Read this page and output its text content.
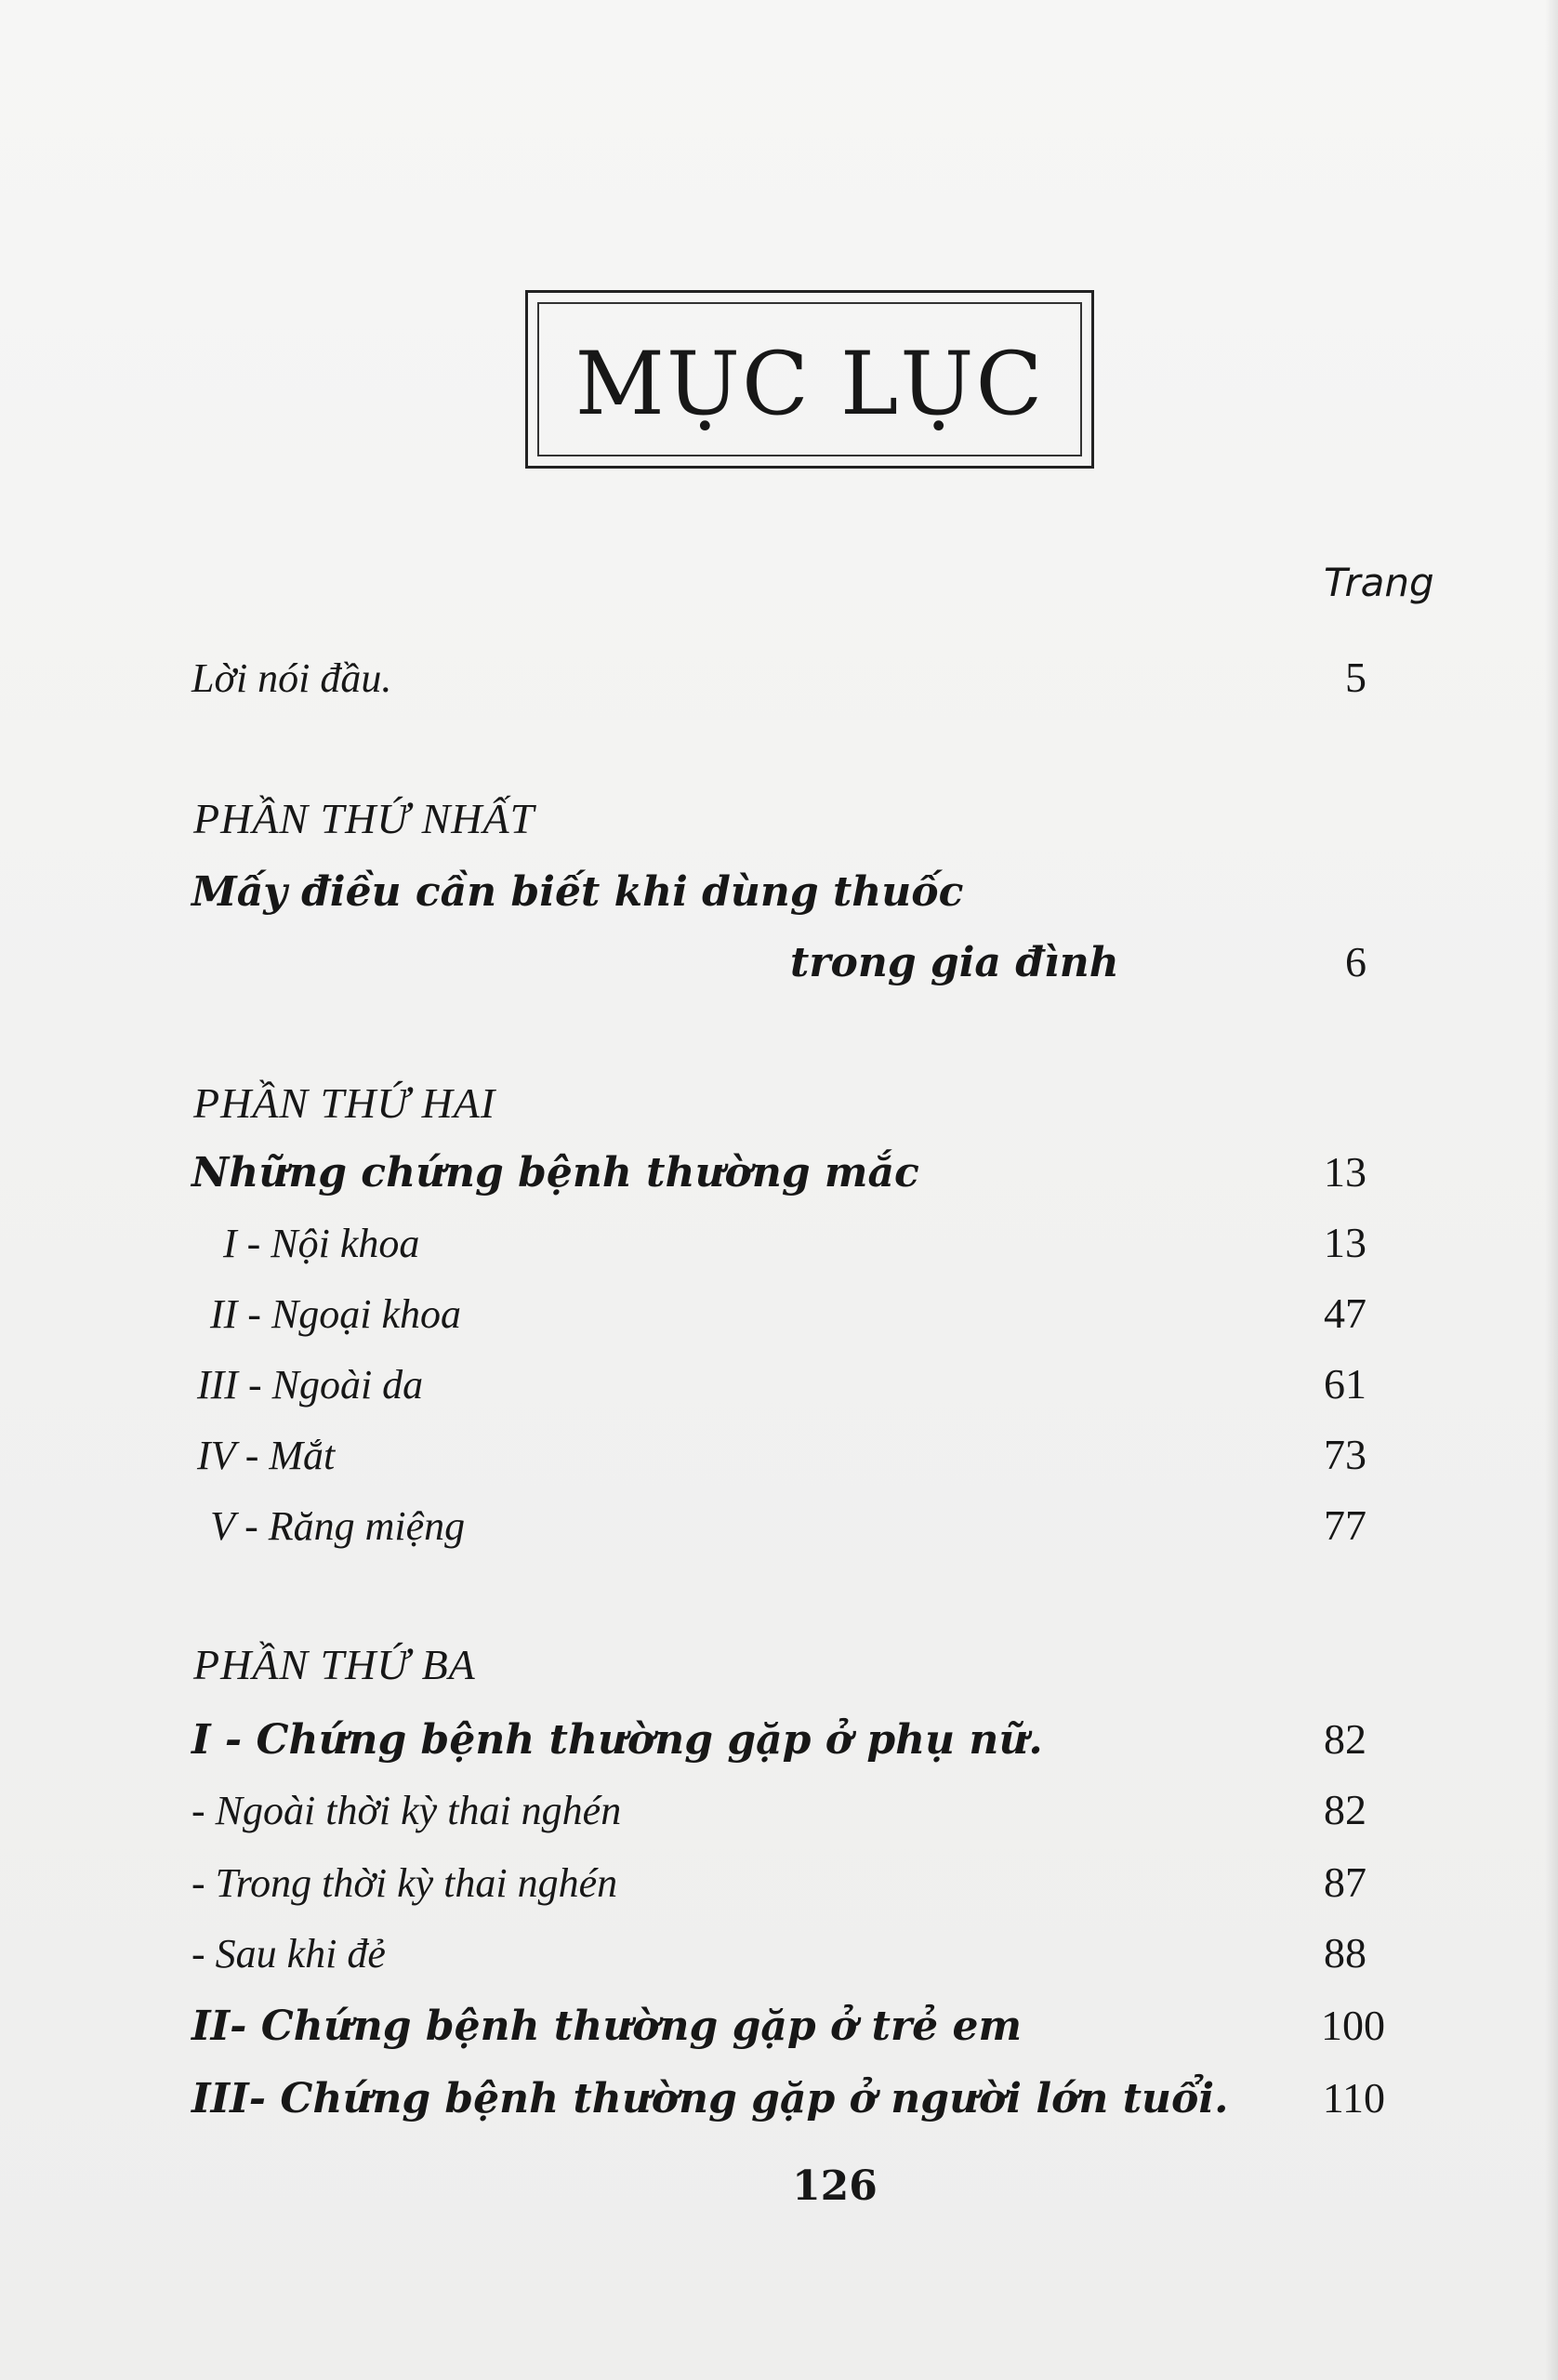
MỤC LỤC
Trang
Lời nói đầu.	5
PHẦN THỨ NHẤT
Mấy điều cần biết khi dùng thuốc
trong gia đình	6
PHẦN THỨ HAI
Những chứng bệnh thường mắc	13
I - Nội khoa	13
II - Ngoại khoa	47
III - Ngoài da	61
IV - Mắt	73
V - Răng miệng	77
PHẦN THỨ BA
I - Chứng bệnh thường gặp ở phụ nữ.	82
- Ngoài thời kỳ thai nghén	82
- Trong thời kỳ thai nghén	87
- Sau khi đẻ	88
II- Chứng bệnh thường gặp ở trẻ em	100
III- Chứng bệnh thường gặp ở người lớn tuổi.	110
126
